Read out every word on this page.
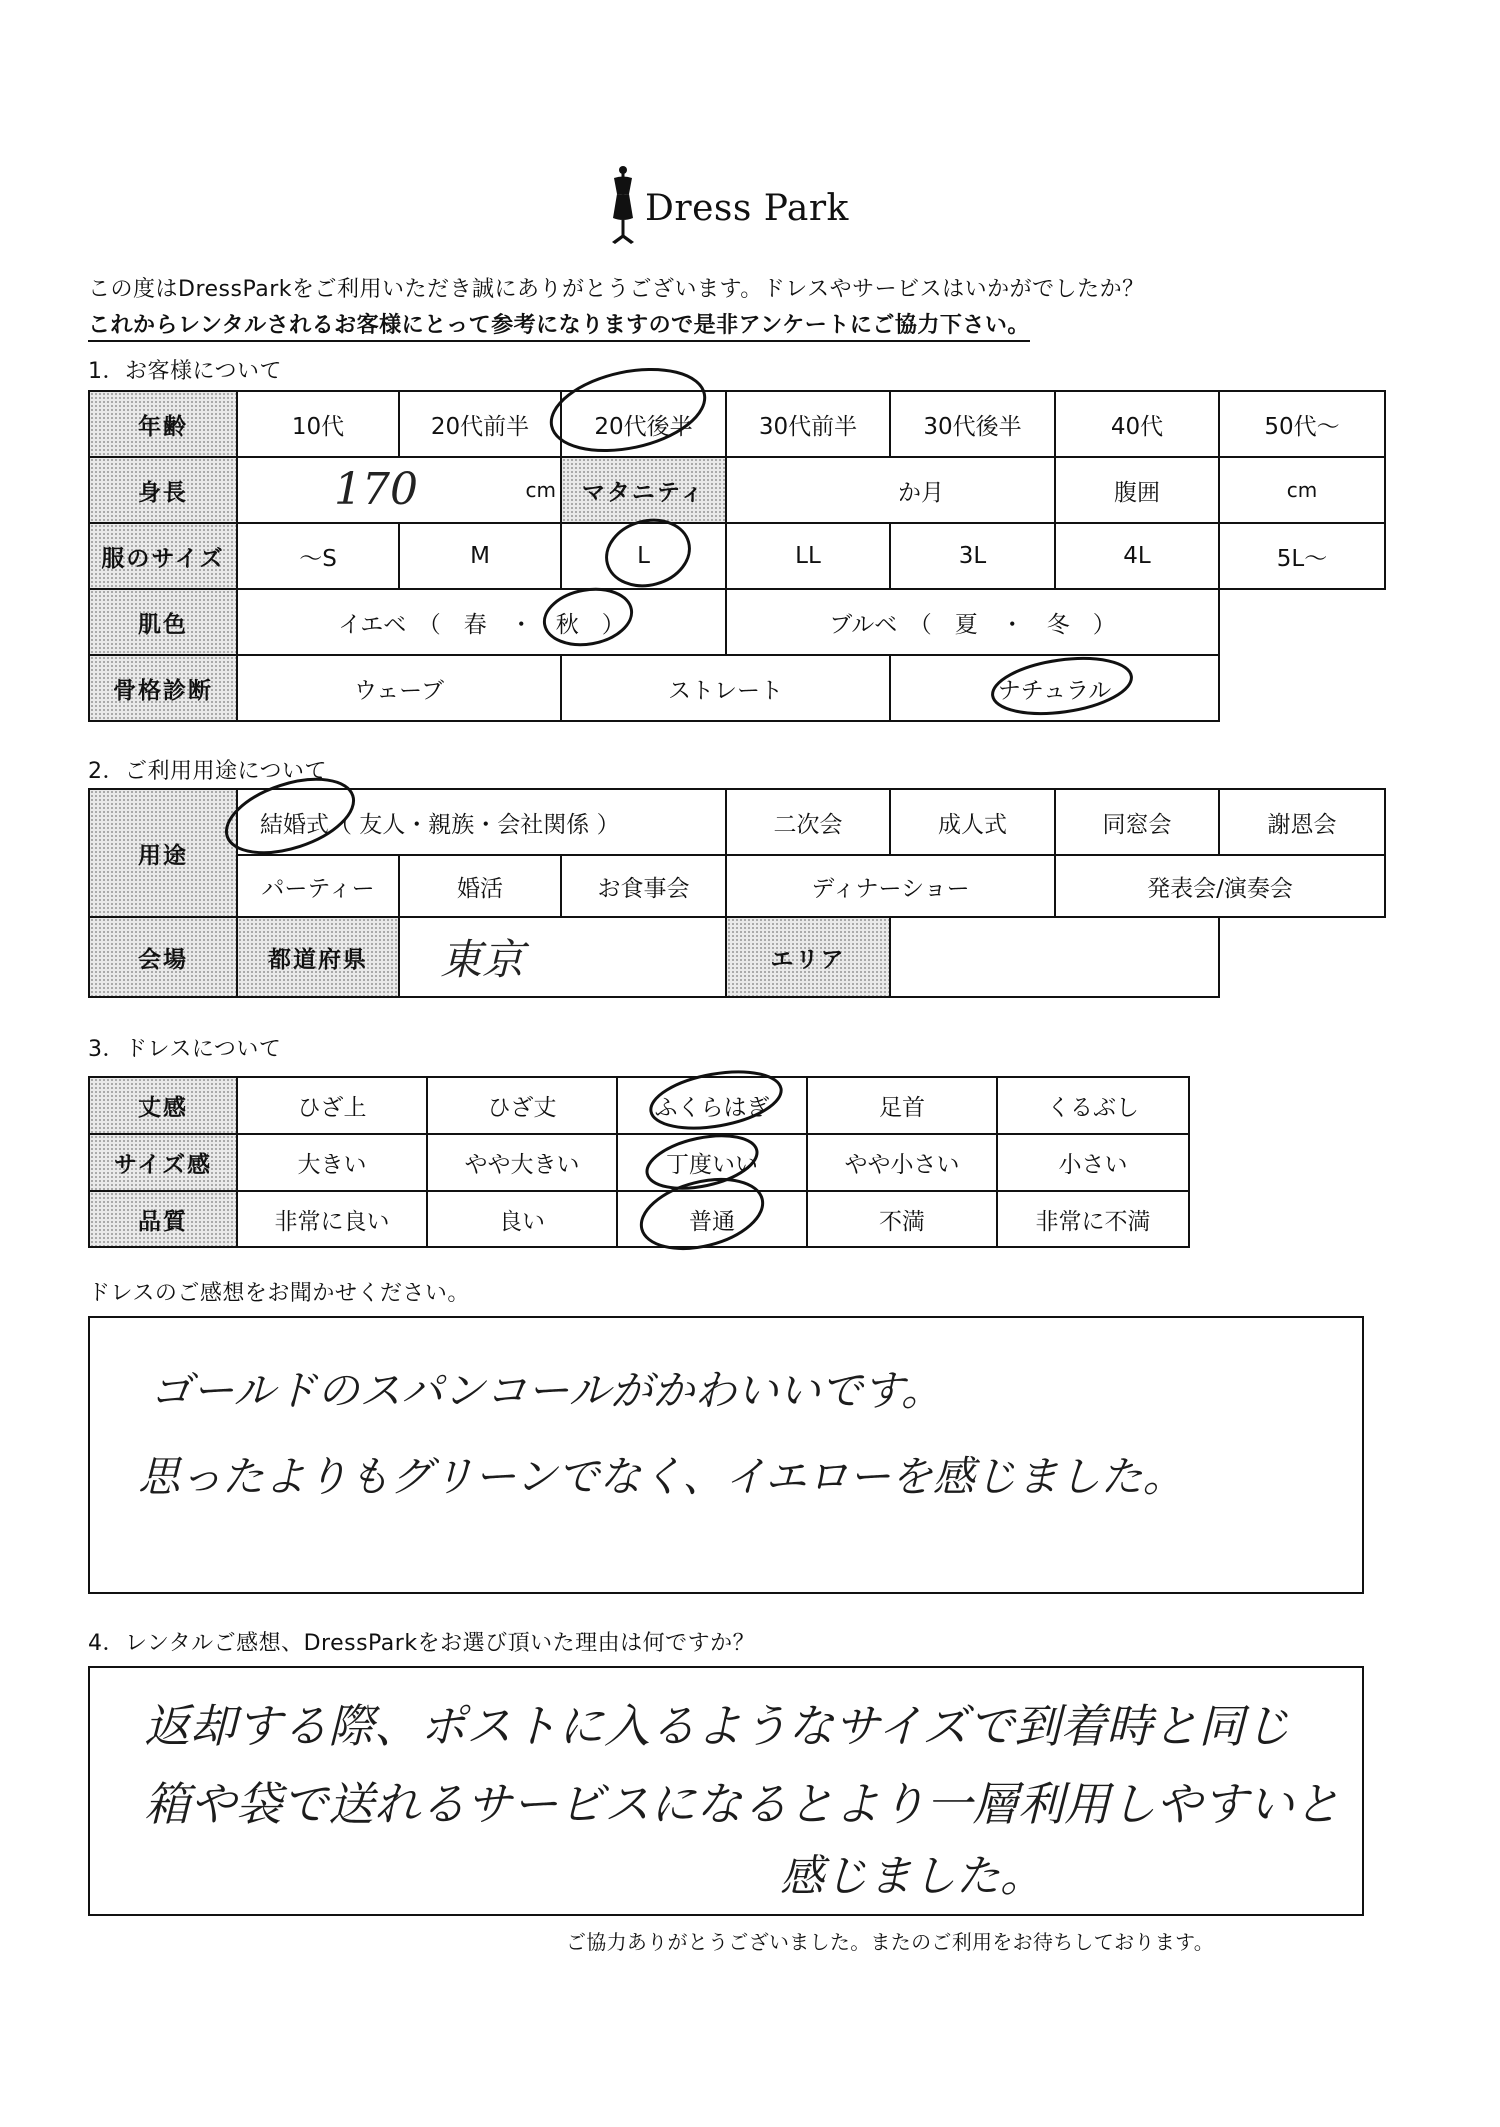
Dress Park
この度はDressParkをご利用いただき誠にありがとうございます。ドレスやサービスはいかがでしたか？
これからレンタルされるお客様にとって参考になりますので是非アンケートにご協力下さい。
1．お客様について
年齢	10代	20代前半	20代後半	30代前半	30代後半	40代	50代～
身長	170 cm		マタニティ	か月		腹囲	cm
服のサイズ	～S	M	L	LL	3L	4L	5L～
肌色	イエベ　（　春　・　秋　）			ブルベ　（　夏　・　冬　）			
骨格診断	ウェーブ		ストレート		ナチュラル		
2．ご利用用途について
用途	結婚式（ 友人・親族・会社関係 ）			二次会	成人式	同窓会	謝恩会
	パーティー	婚活	お食事会	ディナーショー		発表会/演奏会	
会場	都道府県	東京		エリア			
3．ドレスについて
丈感	ひざ上	ひざ丈	ふくらはぎ	足首	くるぶし
サイズ感	大きい	やや大きい	丁度いい	やや小さい	小さい
品質	非常に良い	良い	普通	不満	非常に不満
ドレスのご感想をお聞かせください。
ゴールドのスパンコールがかわいいです。
思ったよりもグリーンでなく、イエローを感じました。
4．レンタルご感想、DressParkをお選び頂いた理由は何ですか？
返却する際、ポストに入るようなサイズで到着時と同じ
箱や袋で送れるサービスになるとより一層利用しやすいと
感じました。
ご協力ありがとうございました。またのご利用をお待ちしております。
